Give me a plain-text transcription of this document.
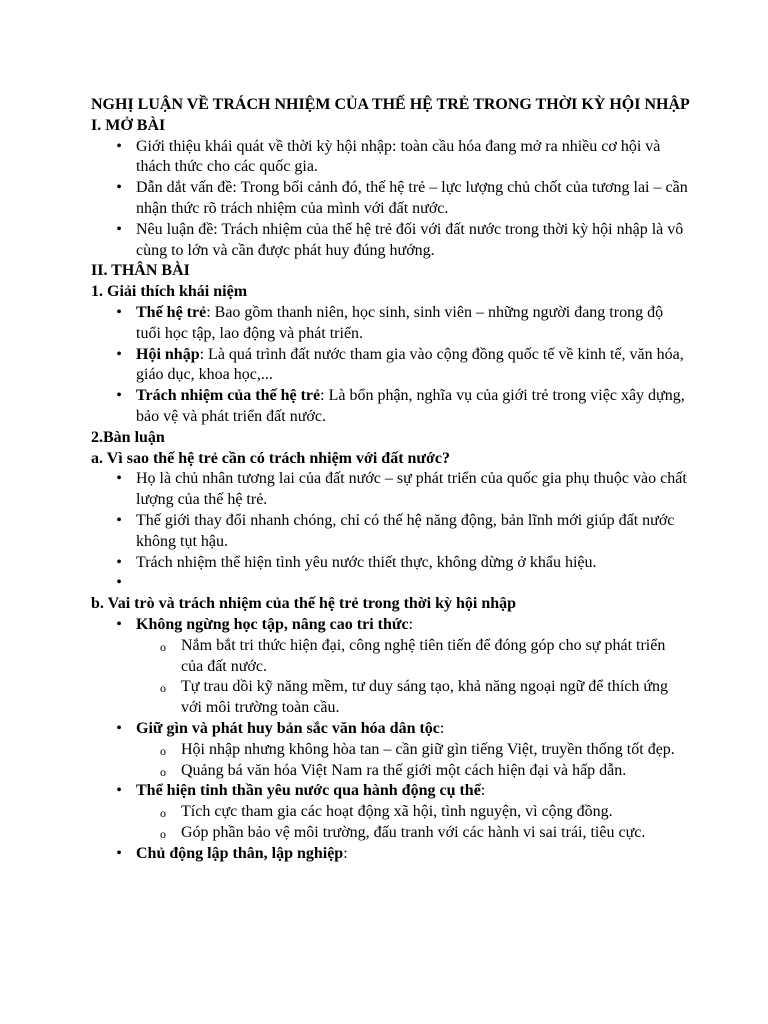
NGHỊ LUẬN VỀ TRÁCH NHIỆM CỦA THẾ HỆ TRẺ TRONG THỜI KỲ HỘI NHẬP

I. MỞ BÀI

• Giới thiệu khái quát về thời kỳ hội nhập: toàn cầu hóa đang mở ra nhiều cơ hội và thách thức cho các quốc gia.
• Dẫn dắt vấn đề: Trong bối cảnh đó, thế hệ trẻ – lực lượng chủ chốt của tương lai – cần nhận thức rõ trách nhiệm của mình với đất nước.
• Nêu luận đề: Trách nhiệm của thế hệ trẻ đối với đất nước trong thời kỳ hội nhập là vô cùng to lớn và cần được phát huy đúng hướng.

II. THÂN BÀI

1. Giải thích khái niệm

• Thế hệ trẻ: Bao gồm thanh niên, học sinh, sinh viên – những người đang trong độ tuổi học tập, lao động và phát triển.
• Hội nhập: Là quá trình đất nước tham gia vào cộng đồng quốc tế về kinh tế, văn hóa, giáo dục, khoa học,...
• Trách nhiệm của thế hệ trẻ: Là bổn phận, nghĩa vụ của giới trẻ trong việc xây dựng, bảo vệ và phát triển đất nước.

2.Bàn luận

a. Vì sao thế hệ trẻ cần có trách nhiệm với đất nước?

• Họ là chủ nhân tương lai của đất nước – sự phát triển của quốc gia phụ thuộc vào chất lượng của thế hệ trẻ.
• Thế giới thay đổi nhanh chóng, chỉ có thế hệ năng động, bản lĩnh mới giúp đất nước không tụt hậu.
• Trách nhiệm thể hiện tình yêu nước thiết thực, không dừng ở khẩu hiệu.
•

b. Vai trò và trách nhiệm của thế hệ trẻ trong thời kỳ hội nhập

• Không ngừng học tập, nâng cao tri thức:
o Nắm bắt tri thức hiện đại, công nghệ tiên tiến để đóng góp cho sự phát triển của đất nước.
o Tự trau dồi kỹ năng mềm, tư duy sáng tạo, khả năng ngoại ngữ để thích ứng với môi trường toàn cầu.
• Giữ gìn và phát huy bản sắc văn hóa dân tộc:
o Hội nhập nhưng không hòa tan – cần giữ gìn tiếng Việt, truyền thống tốt đẹp.
o Quảng bá văn hóa Việt Nam ra thế giới một cách hiện đại và hấp dẫn.
• Thể hiện tinh thần yêu nước qua hành động cụ thể:
o Tích cực tham gia các hoạt động xã hội, tình nguyện, vì cộng đồng.
o Góp phần bảo vệ môi trường, đấu tranh với các hành vi sai trái, tiêu cực.
• Chủ động lập thân, lập nghiệp:
